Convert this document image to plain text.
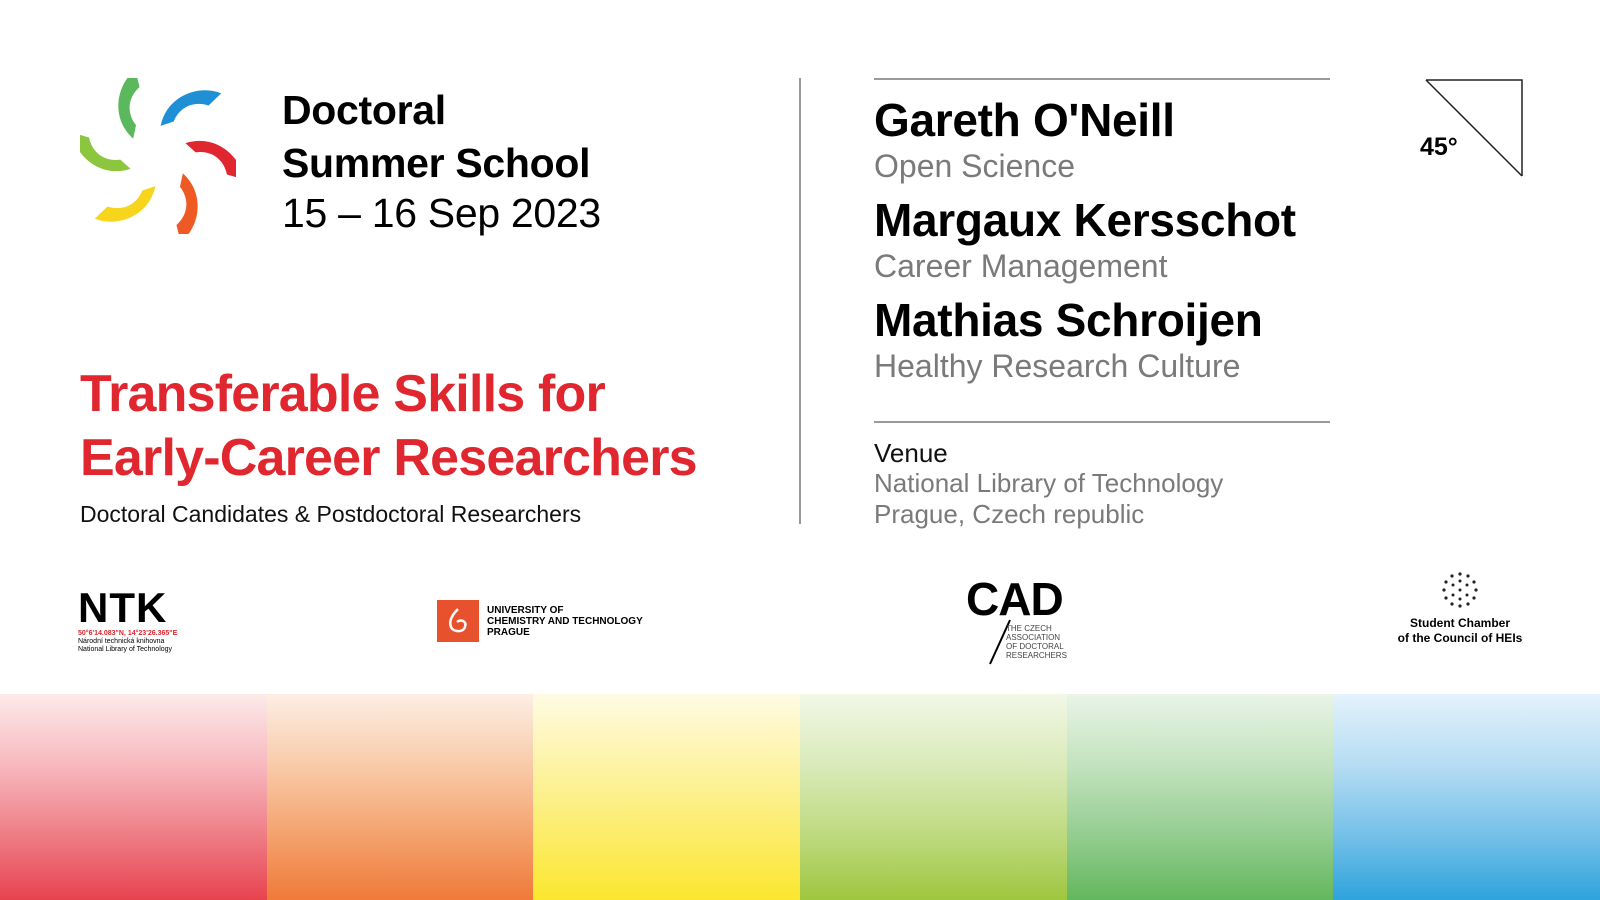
Doctoral
Summer School
15 – 16 Sep 2023
Transferable Skills for
Early-Career Researchers
Doctoral Candidates & Postdoctoral Researchers
Gareth O'Neill
Open Science
Margaux Kersschot
Career Management
Mathias Schroijen
Healthy Research Culture
Venue
National Library of Technology
Prague, Czech republic
45°
NTK
50°6'14.083"N, 14°23'26.365"E
Národní technická knihovna
National Library of Technology
UNIVERSITY OF
CHEMISTRY AND TECHNOLOGY
PRAGUE
CAD
THE CZECH
ASSOCIATION
OF DOCTORAL
RESEARCHERS
Student Chamber
of the Council of HEIs
